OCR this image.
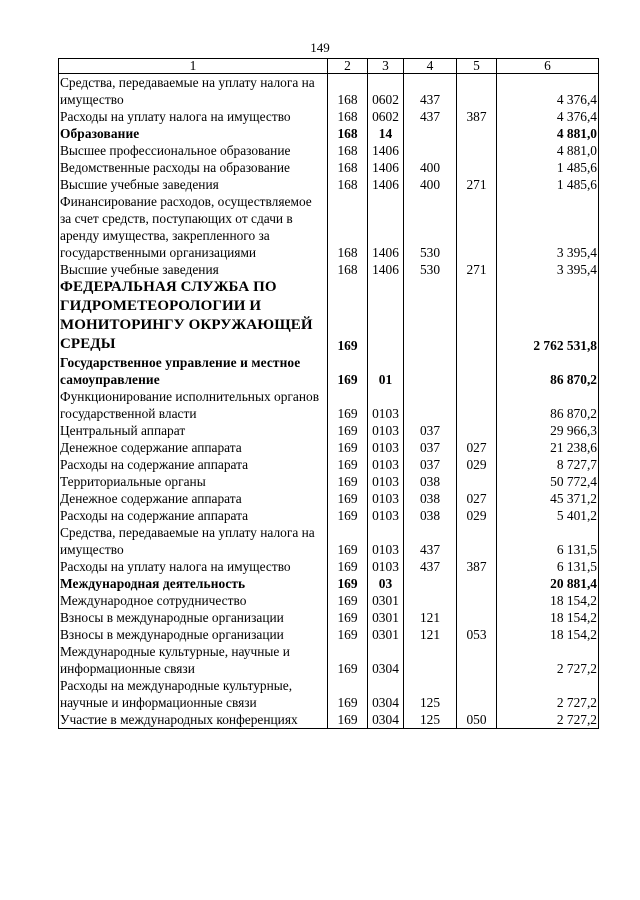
149
1	2	3	4	5	6
Средства, передаваемые на уплату налога на имущество	168	0602	437		4 376,4
Расходы на уплату налога на имущество	168	0602	437	387	4 376,4
Образование	168	14			4 881,0
Высшее профессиональное образование	168	1406			4 881,0
Ведомственные расходы на образование	168	1406	400		1 485,6
Высшие учебные заведения	168	1406	400	271	1 485,6
Финансирование расходов, осуществляемое за счет средств, поступающих от сдачи в аренду имущества, закрепленного за государственными организациями	168	1406	530		3 395,4
Высшие учебные заведения	168	1406	530	271	3 395,4
ФЕДЕРАЛЬНАЯ СЛУЖБА ПО ГИДРОМЕТЕОРОЛОГИИ И МОНИТОРИНГУ ОКРУЖАЮЩЕЙ СРЕДЫ	169				2 762 531,8
Государственное управление и местное самоуправление	169	01			86 870,2
Функционирование исполнительных органов государственной власти	169	0103			86 870,2
Центральный аппарат	169	0103	037		29 966,3
Денежное содержание аппарата	169	0103	037	027	21 238,6
Расходы на содержание аппарата	169	0103	037	029	8 727,7
Территориальные органы	169	0103	038		50 772,4
Денежное содержание аппарата	169	0103	038	027	45 371,2
Расходы на содержание аппарата	169	0103	038	029	5 401,2
Средства, передаваемые на уплату налога на имущество	169	0103	437		6 131,5
Расходы на уплату налога на имущество	169	0103	437	387	6 131,5
Международная деятельность	169	03			20 881,4
Международное сотрудничество	169	0301			18 154,2
Взносы в международные организации	169	0301	121		18 154,2
Взносы в международные организации	169	0301	121	053	18 154,2
Международные культурные, научные и информационные связи	169	0304			2 727,2
Расходы на международные культурные, научные и информационные связи	169	0304	125		2 727,2
Участие в международных конференциях	169	0304	125	050	2 727,2
